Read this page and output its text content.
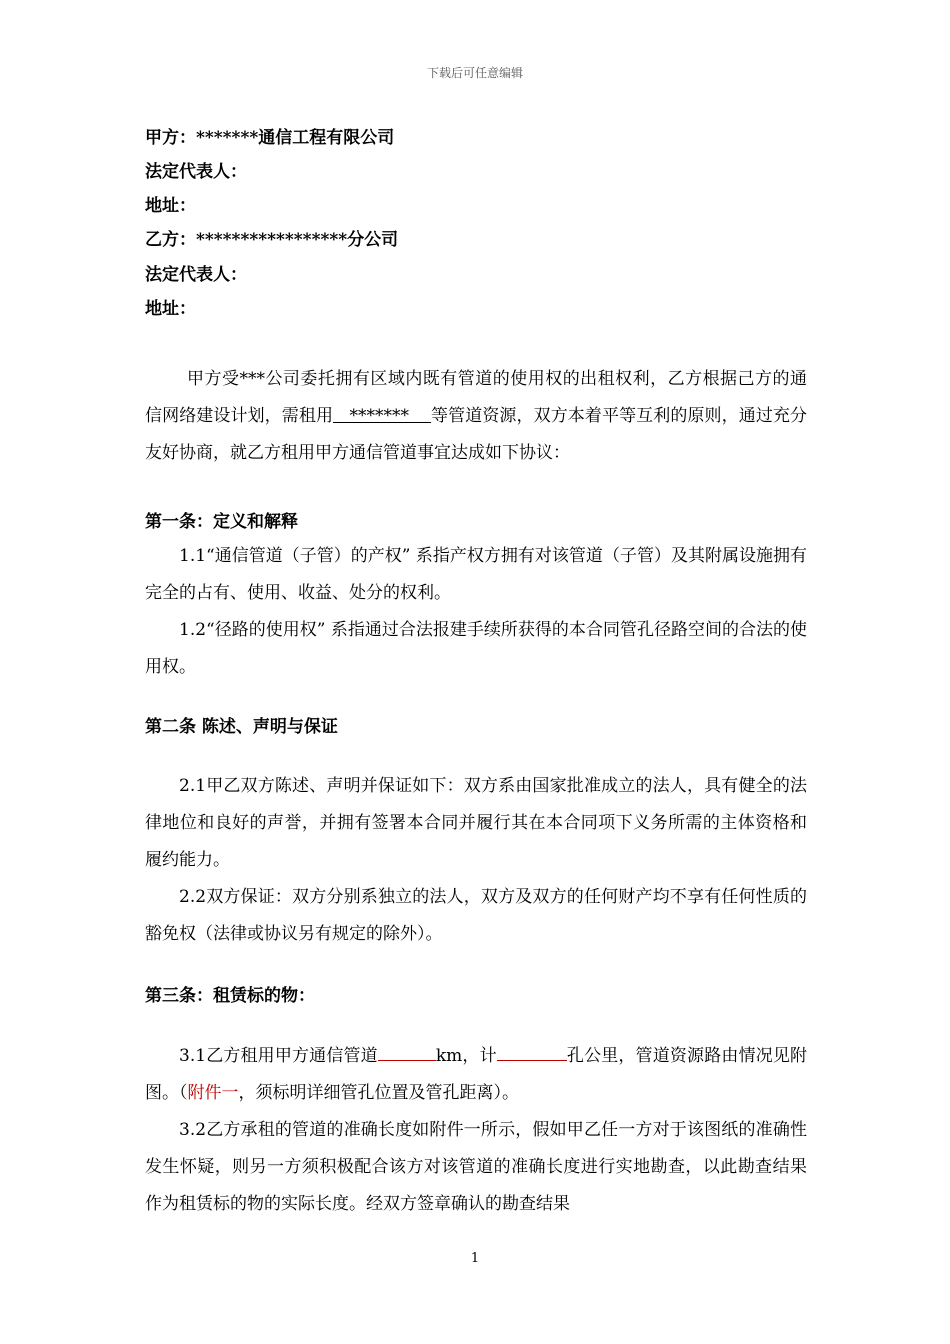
下载后可任意编辑
甲方：*******通信工程有限公司
法定代表人：
地址：
乙方：*****************分公司
法定代表人：
地址：
甲方受***公司委托拥有区域内既有管道的使用权的出租权利，乙方根据己方的通信网络建设计划，需租用   *******    等管道资源，双方本着平等互利的原则，通过充分友好协商，就乙方租用甲方通信管道事宜达成如下协议：
第一条：定义和解释
1.1“通信管道（子管）的产权” 系指产权方拥有对该管道（子管）及其附属设施拥有完全的占有、使用、收益、处分的权利。
1.2“径路的使用权” 系指通过合法报建手续所获得的本合同管孔径路空间的合法的使用权。
第二条 陈述、声明与保证
2.1甲乙双方陈述、声明并保证如下：双方系由国家批准成立的法人，具有健全的法律地位和良好的声誉，并拥有签署本合同并履行其在本合同项下义务所需的主体资格和履约能力。
2.2双方保证：双方分别系独立的法人，双方及双方的任何财产均不享有任何性质的豁免权（法律或协议另有规定的除外）。
第三条：租赁标的物：
3.1乙方租用甲方通信管道	km，计	孔公里，管道资源路由情况见附图。（附件一，须标明详细管孔位置及管孔距离）。
3.2乙方承租的管道的准确长度如附件一所示，假如甲乙任一方对于该图纸的准确性发生怀疑，则另一方须积极配合该方对该管道的准确长度进行实地勘查，以此勘查结果作为租赁标的物的实际长度。经双方签章确认的勘查结果
1
